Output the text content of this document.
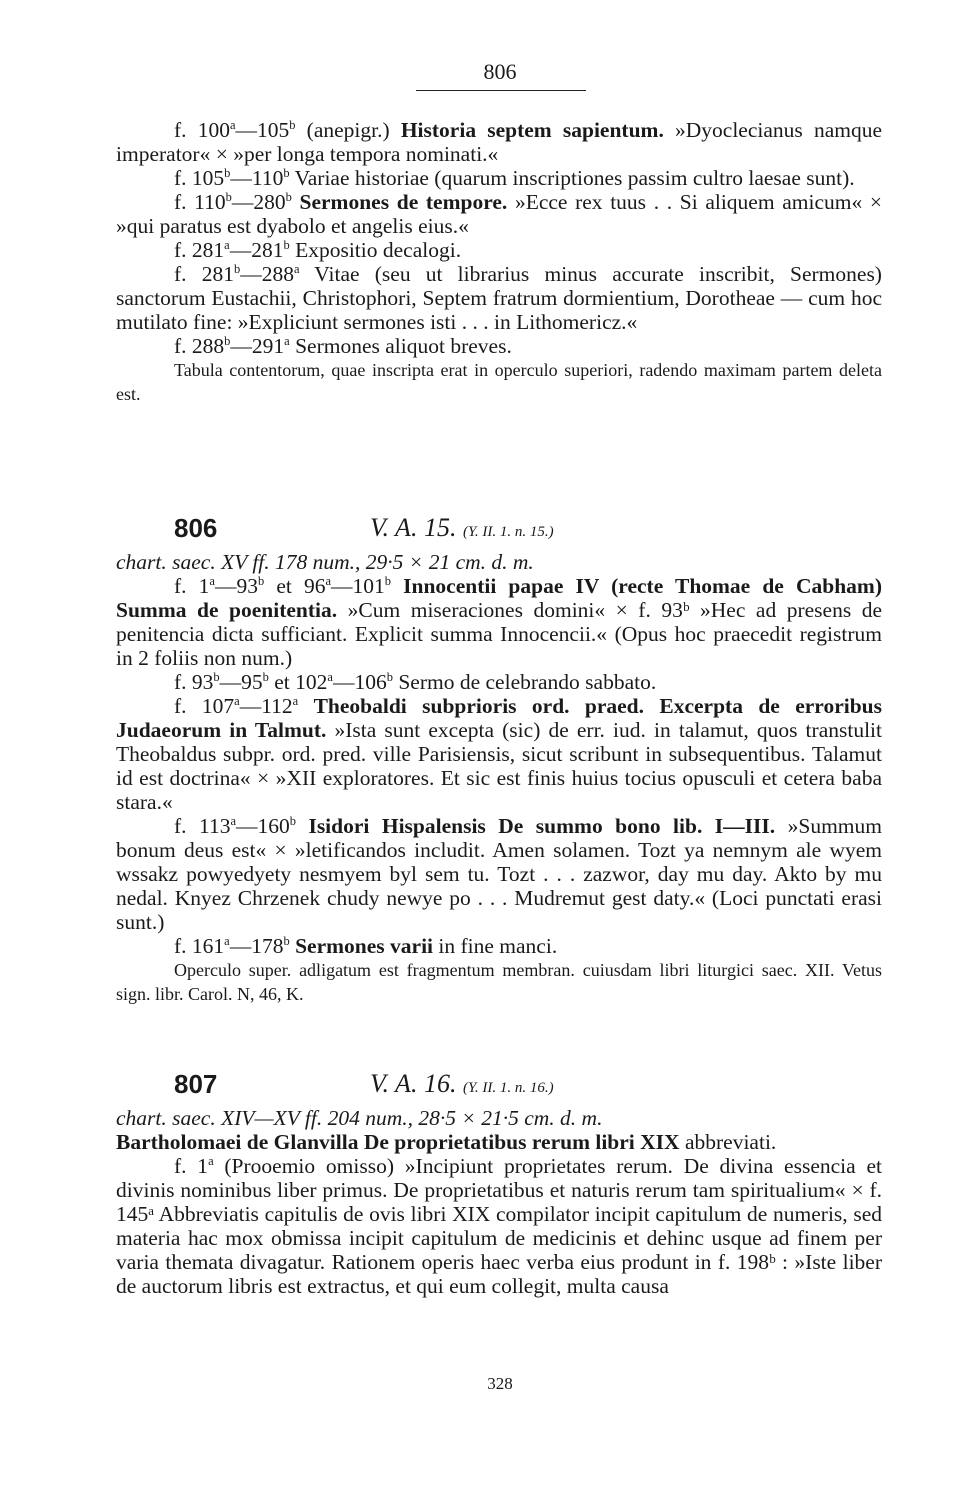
806

f. 100$^a$—105$^b$ (anepigr.) Historia septem sapientum. »Dyoclecianus namque imperator« × »per longa tempora nominati.«

f. 105$^b$—110$^b$ Variae historiae (quarum inscriptiones passim cultro laesae sunt).

f. 110$^b$—280$^b$ Sermones de tempore. »Ecce rex tuus . . Si aliquem amicum« × »qui paratus est dyabolo et angelis eius.«

f. 281$^a$—281$^b$ Expositio decalogi.

f. 281$^b$—288$^a$ Vitae (seu ut librarius minus accurate inscribit, Sermones) sanctorum Eustachii, Christophori, Septem fratrum dormientium, Dorotheae — cum hoc mutilato fine: »Expliciunt sermones isti . . . in Lithomericz.«

f. 288$^b$—291$^a$ Sermones aliquot breves.

Tabula contentorum, quae inscripta erat in operculo superiori, radendo maximam partem deleta est.

806	V. A. 15. (Y. II. 1. n. 15.)

chart. saec. XV ff. 178 num., 29·5 × 21 cm. d. m.

f. 1$^a$—93$^b$ et 96$^a$—101$^b$ Innocentii papae IV (recte Thomae de Cabham) Summa de poenitentia. »Cum miseraciones domini« × f. 93ᵇ »Hec ad presens de penitencia dicta sufficiant. Explicit summa Innocencii.« (Opus hoc praecedit registrum in 2 foliis non num.)

f. 93$^b$—95$^b$ et 102$^a$—106$^b$ Sermo de celebrando sabbato.

f. 107$^a$—112$^a$ Theobaldi subprioris ord. praed. Excerpta de erroribus Judaeorum in Talmut. »Ista sunt excepta (sic) de err. iud. in talamut, quos transtulit Theobaldus subpr. ord. pred. ville Parisiensis, sicut scribunt in subsequentibus. Talamut id est doctrina« × »XII exploratores. Et sic est finis huius tocius opusculi et cetera baba stara.«

f. 113$^a$—160$^b$ Isidori Hispalensis De summo bono lib. I—III. »Summum bonum deus est« × »letificandos includit. Amen solamen. Tozt ya nemnym ale wyem wssakz powyedyety nesmyem byl sem tu. Tozt . . . zazwor, day mu day. Akto by mu nedal. Knyez Chrzenek chudy newye po . . . Mudremut gest daty.« (Loci punctati erasi sunt.)

f. 161$^a$—178$^b$ Sermones varii in fine manci.

Operculo super. adligatum est fragmentum membran. cuiusdam libri liturgici saec. XII. Vetus sign. libr. Carol. N, 46, K.

807	V. A. 16. (Y. II. 1. n. 16.)

chart. saec. XIV—XV ff. 204 num., 28·5 × 21·5 cm. d. m.

Bartholomaei de Glanvilla De proprietatibus rerum libri XIX abbreviati.

f. 1$^a$ (Prooemio omisso) »Incipiunt proprietates rerum. De divina essencia et divinis nominibus liber primus. De proprietatibus et naturis rerum tam spiritualium« × f. 145ᵃ Abbreviatis capitulis de ovis libri XIX compilator incipit capitulum de numeris, sed materia hac mox obmissa incipit capitulum de medicinis et dehinc usque ad finem per varia themata divagatur. Rationem operis haec verba eius produnt in f. 198ᵇ : »Iste liber de auctorum libris est extractus, et qui eum collegit, multa causa

328
